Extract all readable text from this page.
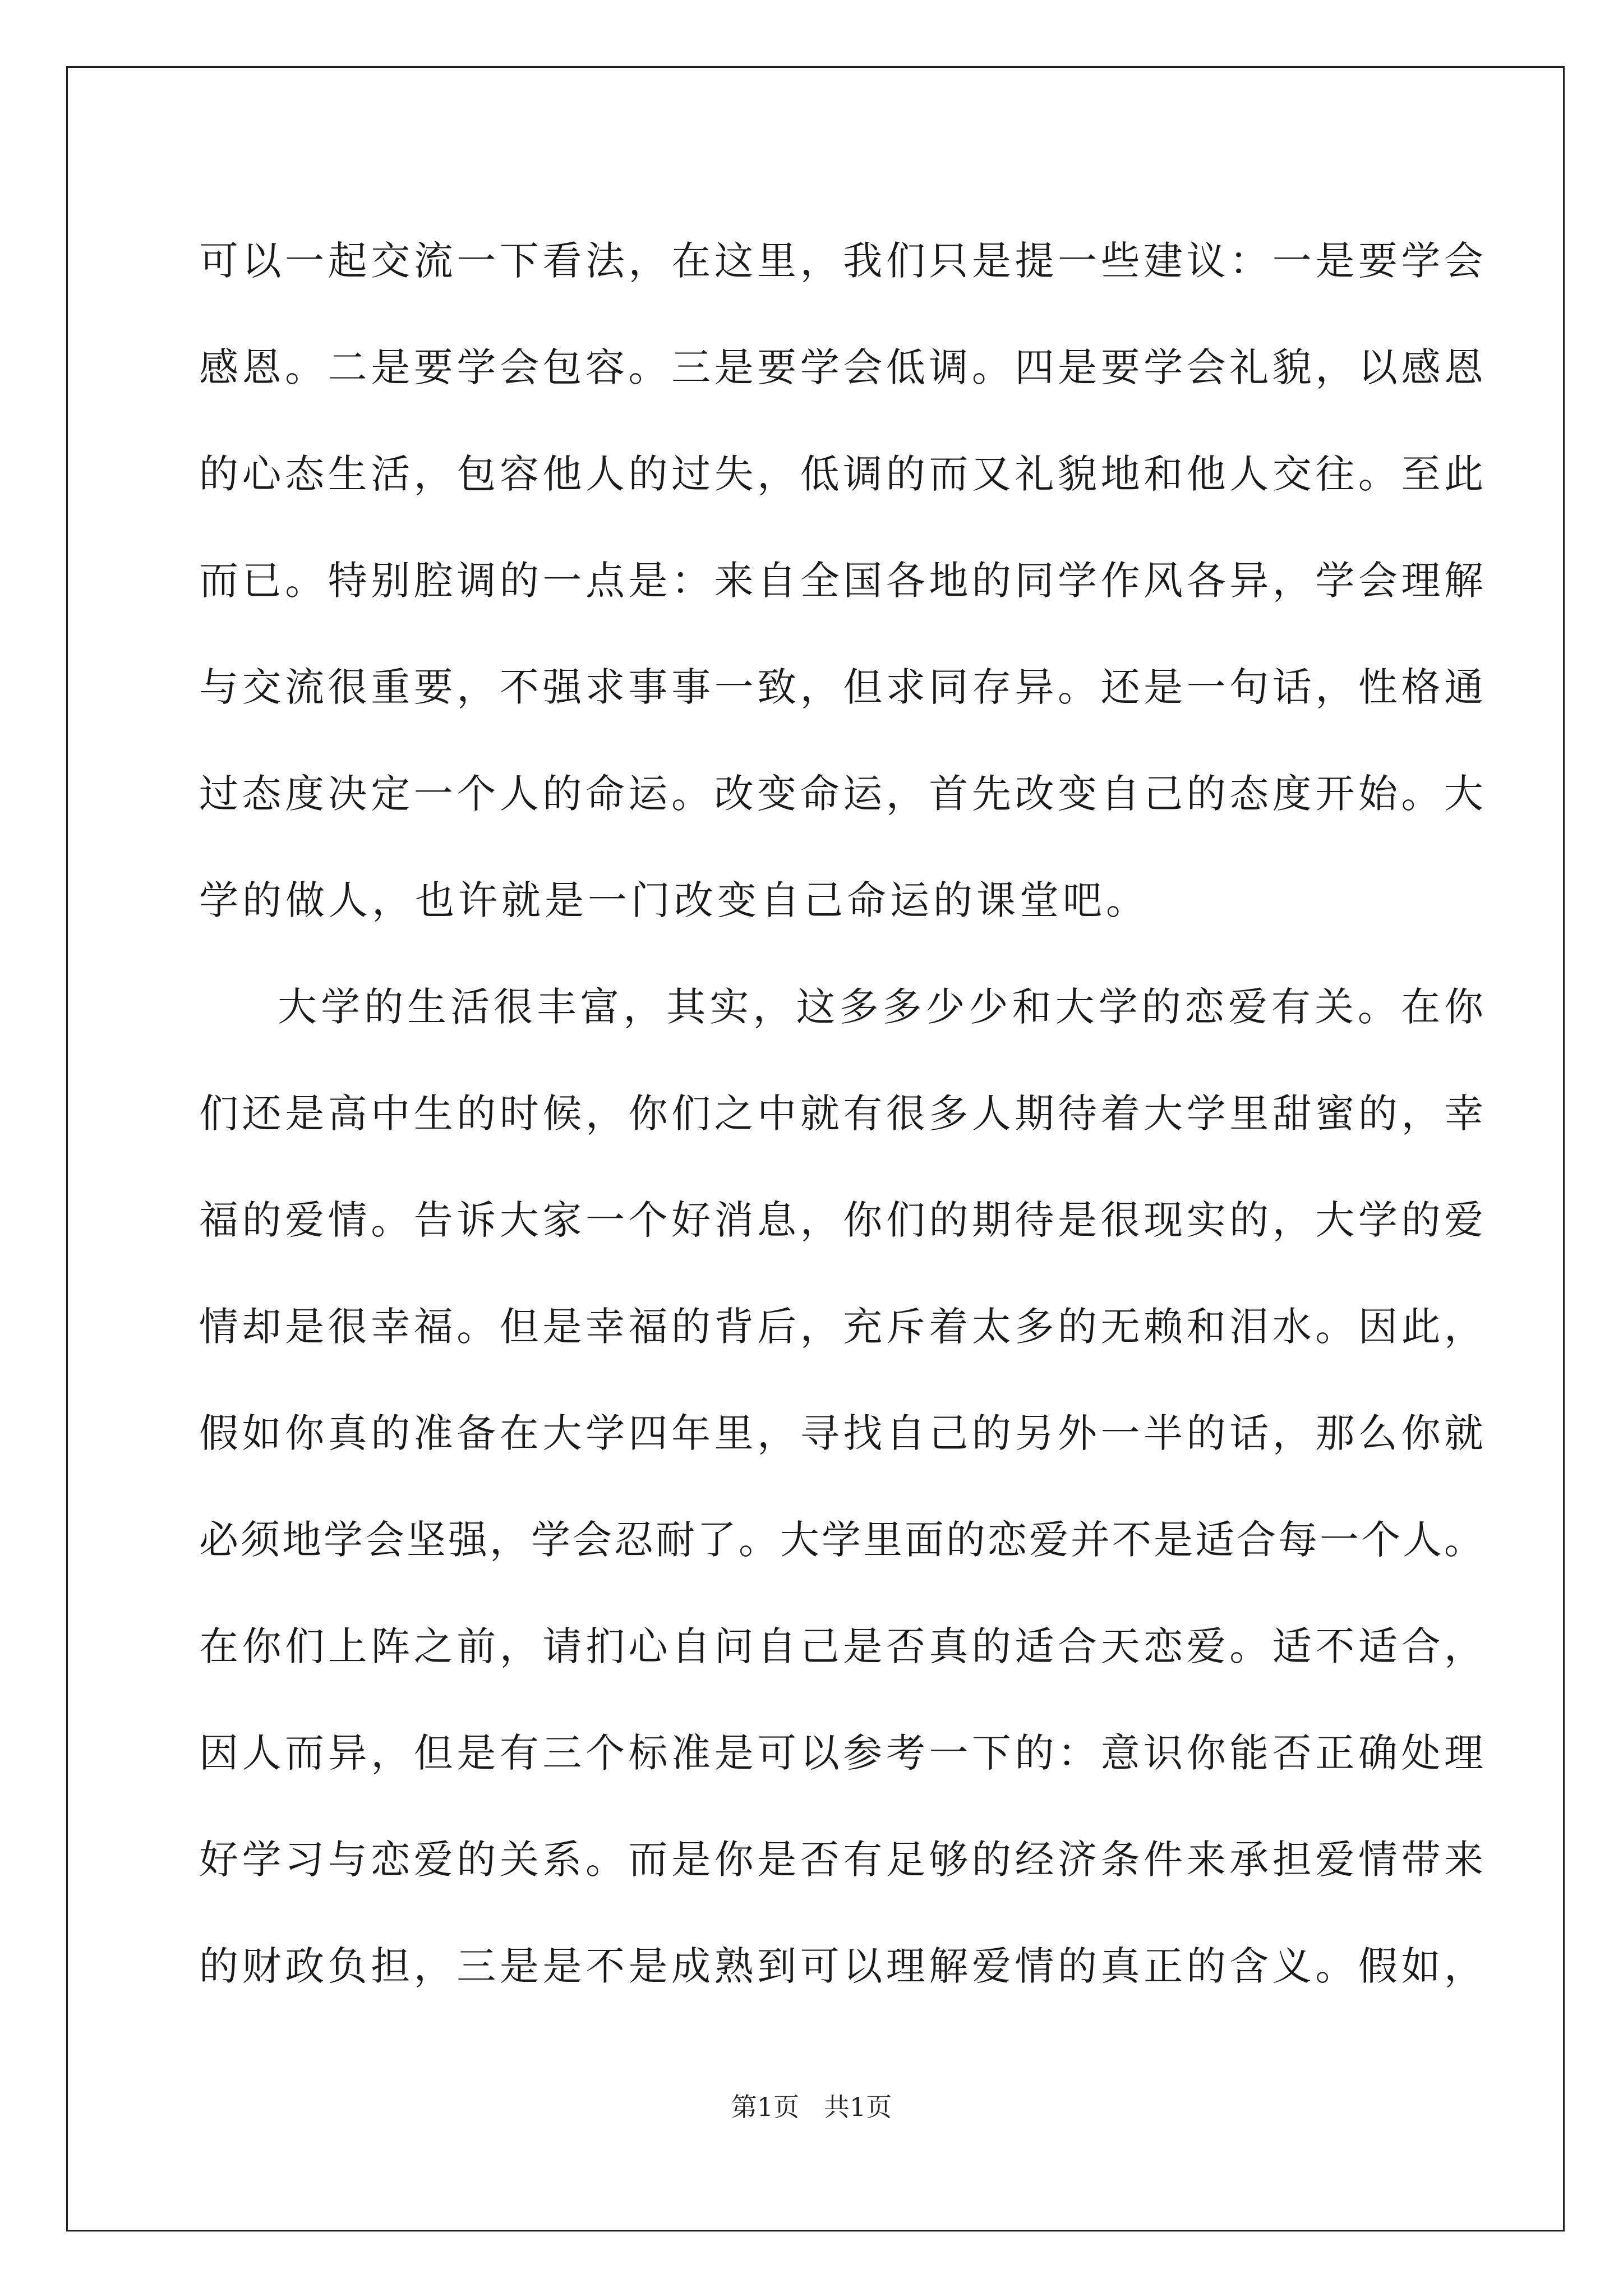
可以一起交流一下看法，在这里，我们只是提一些建议：一是要学会
感恩。二是要学会包容。三是要学会低调。四是要学会礼貌，以感恩
的心态生活，包容他人的过失，低调的而又礼貌地和他人交往。至此
而已。特别腔调的一点是：来自全国各地的同学作风各异，学会理解
与交流很重要，不强求事事一致，但求同存异。还是一句话，性格通
过态度决定一个人的命运。改变命运，首先改变自己的态度开始。大
学的做人，也许就是一门改变自己命运的课堂吧。
大学的生活很丰富，其实，这多多少少和大学的恋爱有关。在你
们还是高中生的时候，你们之中就有很多人期待着大学里甜蜜的，幸
福的爱情。告诉大家一个好消息，你们的期待是很现实的，大学的爱
情却是很幸福。但是幸福的背后，充斥着太多的无赖和泪水。因此，
假如你真的准备在大学四年里，寻找自己的另外一半的话，那么你就
必须地学会坚强，学会忍耐了。大学里面的恋爱并不是适合每一个人。
在你们上阵之前，请扪心自问自己是否真的适合天恋爱。适不适合，
因人而异，但是有三个标准是可以参考一下的：意识你能否正确处理
好学习与恋爱的关系。而是你是否有足够的经济条件来承担爱情带来
的财政负担，三是是不是成熟到可以理解爱情的真正的含义。假如，
第1页   共1页
